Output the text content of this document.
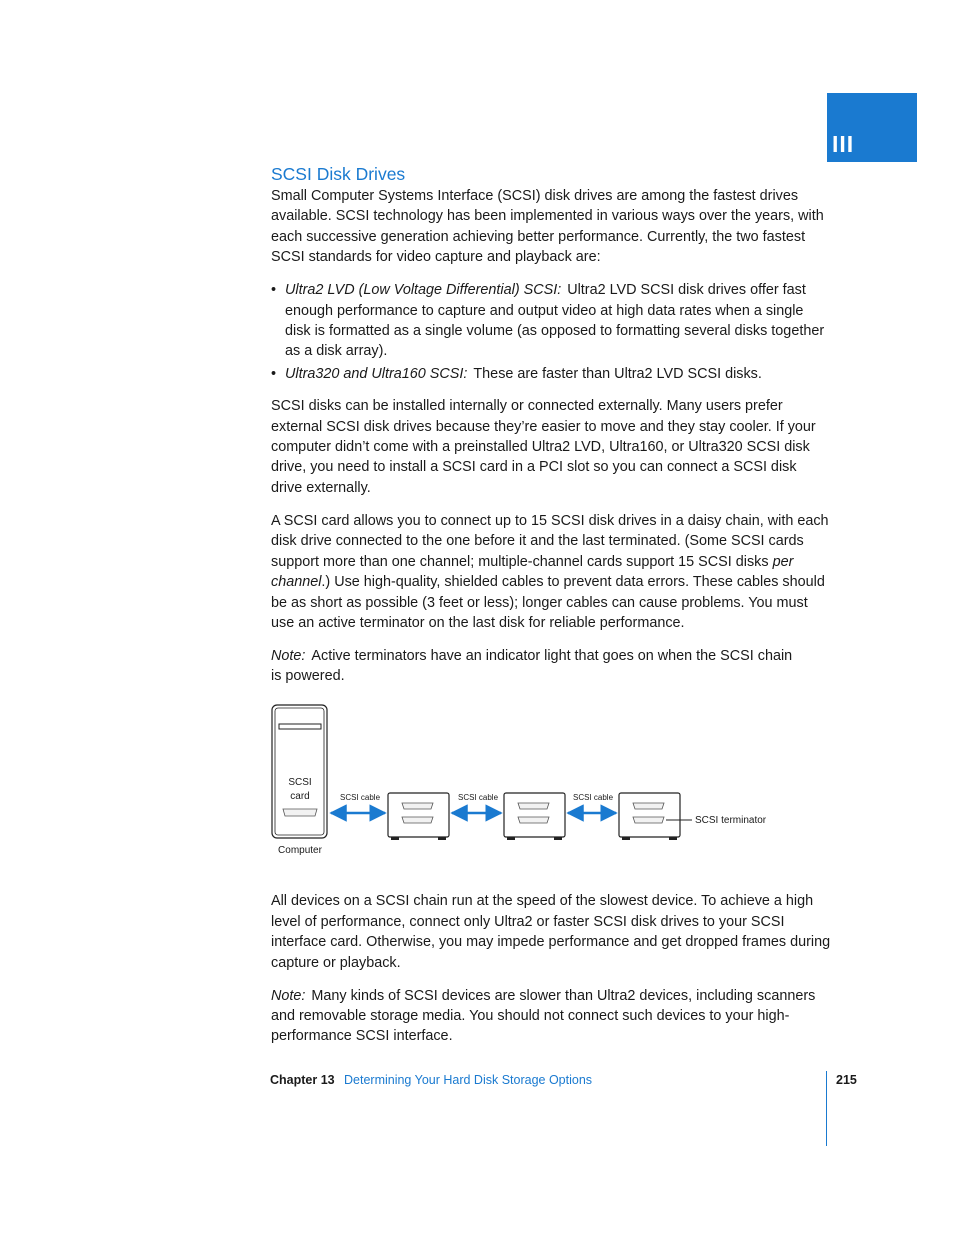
III
SCSI Disk Drives

Small Computer Systems Interface (SCSI) disk drives are among the fastest drives available. SCSI technology has been implemented in various ways over the years, with each successive generation achieving better performance. Currently, the two fastest SCSI standards for video capture and playback are:

• Ultra2 LVD (Low Voltage Differential) SCSI: Ultra2 LVD SCSI disk drives offer fast enough performance to capture and output video at high data rates when a single disk is formatted as a single volume (as opposed to formatting several disks together as a disk array).
• Ultra320 and Ultra160 SCSI: These are faster than Ultra2 LVD SCSI disks.

SCSI disks can be installed internally or connected externally. Many users prefer external SCSI disk drives because they’re easier to move and they stay cooler. If your computer didn’t come with a preinstalled Ultra2 LVD, Ultra160, or Ultra320 SCSI disk drive, you need to install a SCSI card in a PCI slot so you can connect a SCSI disk drive externally.

A SCSI card allows you to connect up to 15 SCSI disk drives in a daisy chain, with each disk drive connected to the one before it and the last terminated. (Some SCSI cards support more than one channel; multiple-channel cards support 15 SCSI disks per channel.) Use high-quality, shielded cables to prevent data errors. These cables should be as short as possible (3 feet or less); longer cables can cause problems. You must use an active terminator on the last disk for reliable performance.

Note: Active terminators have an indicator light that goes on when the SCSI chain is powered.

SCSI
card
Computer
SCSI cable	SCSI cable	SCSI cable
SCSI terminator

All devices on a SCSI chain run at the speed of the slowest device. To achieve a high level of performance, connect only Ultra2 or faster SCSI disk drives to your SCSI interface card. Otherwise, you may impede performance and get dropped frames during capture or playback.

Note: Many kinds of SCSI devices are slower than Ultra2 devices, including scanners and removable storage media. You should not connect such devices to your high-performance SCSI interface.

Chapter 13 Determining Your Hard Disk Storage Options	215
